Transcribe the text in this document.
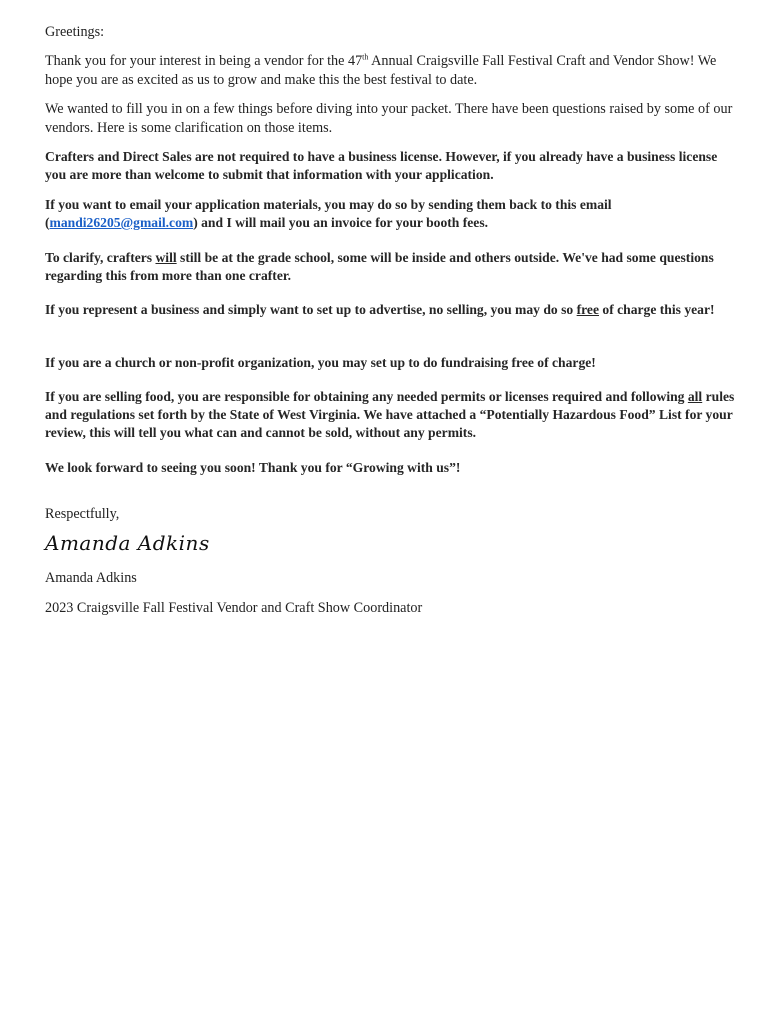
Greetings:

Thank you for your interest in being a vendor for the 47th Annual Craigsville Fall Festival Craft and Vendor Show! We hope you are as excited as us to grow and make this the best festival to date.

We wanted to fill you in on a few things before diving into your packet. There have been questions raised by some of our vendors. Here is some clarification on those items.

Crafters and Direct Sales are not required to have a business license. However, if you already have a business license you are more than welcome to submit that information with your application.

If you want to email your application materials, you may do so by sending them back to this email (mandi26205@gmail.com) and I will mail you an invoice for your booth fees.

To clarify, crafters will still be at the grade school, some will be inside and others outside. We've had some questions regarding this from more than one crafter.

If you represent a business and simply want to set up to advertise, no selling, you may do so free of charge this year!

If you are a church or non-profit organization, you may set up to do fundraising free of charge!

If you are selling food, you are responsible for obtaining any needed permits or licenses required and following all rules and regulations set forth by the State of West Virginia. We have attached a “Potentially Hazardous Food” List for your review, this will tell you what can and cannot be sold, without any permits.

We look forward to seeing you soon! Thank you for “Growing with us”!

Respectfully,

Amanda Adkins

Amanda Adkins

2023 Craigsville Fall Festival Vendor and Craft Show Coordinator
